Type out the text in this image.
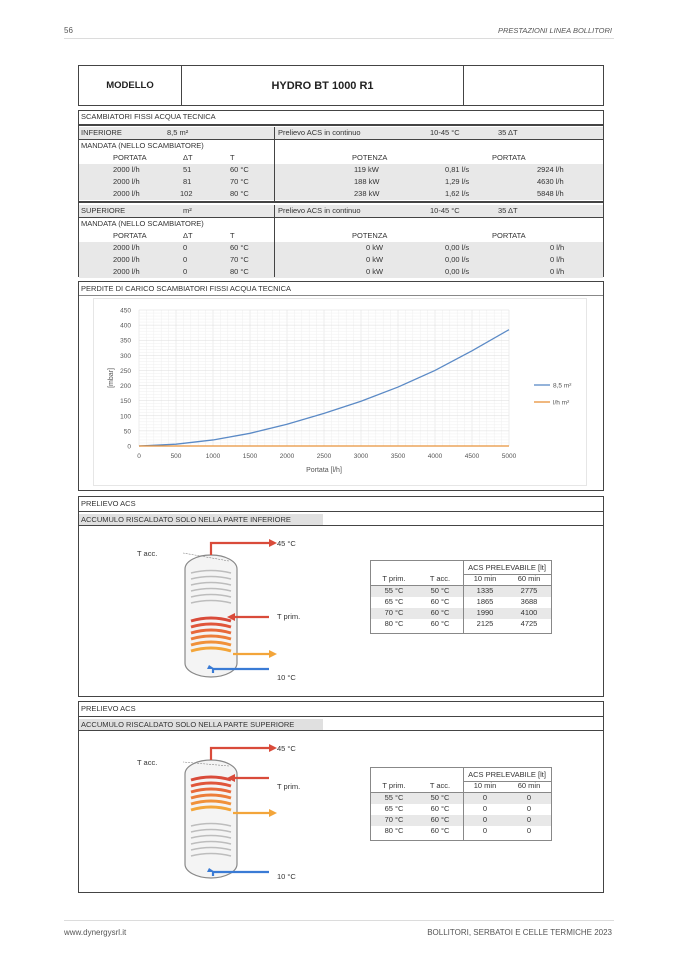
56	PRESTAZIONI LINEA BOLLITORI
www.dynergysrl.it	BOLLITORI, SERBATOI E CELLE TERMICHE 2023
MODELLO	HYDRO BT 1000 R1
SCAMBIATORI FISSI ACQUA TECNICA
INFERIORE	8,5 m²	Prelievo ACS in continuo	10-45 °C	35 ΔT
MANDATA (NELLO SCAMBIATORE)
PORTATA	ΔT	T	POTENZA	PORTATA
2000 l/h	51	60 °C	119 kW	0,81 l/s	2924 l/h
2000 l/h	81	70 °C	188 kW	1,29 l/s	4630 l/h
2000 l/h	102	80 °C	238 kW	1,62 l/s	5848 l/h
SUPERIORE	m²	Prelievo ACS in continuo	10-45 °C	35 ΔT
MANDATA (NELLO SCAMBIATORE)
PORTATA	ΔT	T	POTENZA	PORTATA
2000 l/h	0	60 °C	0 kW	0,00 l/s	0 l/h
2000 l/h	0	70 °C	0 kW	0,00 l/s	0 l/h
2000 l/h	0	80 °C	0 kW	0,00 l/s	0 l/h
PERDITE DI CARICO SCAMBIATORI FISSI ACQUA TECNICA
0	500	1000	1500	2000	2500	3000	3500	4000	4500	5000
0
50
100
150
200
250
300
350
400
450
Portata [l/h]
[mbar]	8,5 m²
l/h m²
PRELIEVO ACS
ACCUMULO RISCALDATO SOLO NELLA PARTE INFERIORE
T acc.
45 °C
T prim.
10 °C
ACS PRELEVABILE [lt]
T prim.	T acc.	10 min	60 min
55 °C	50 °C	1335	2775
65 °C	60 °C	1865	3688
70 °C	60 °C	1990	4100
80 °C	60 °C	2125	4725
PRELIEVO ACS
ACCUMULO RISCALDATO SOLO NELLA PARTE SUPERIORE
T acc.
45 °C
T prim.
10 °C
ACS PRELEVABILE [lt]
T prim.	T acc.	10 min	60 min
55 °C	50 °C	0	0
65 °C	60 °C	0	0
70 °C	60 °C	0	0
80 °C	60 °C	0	0
